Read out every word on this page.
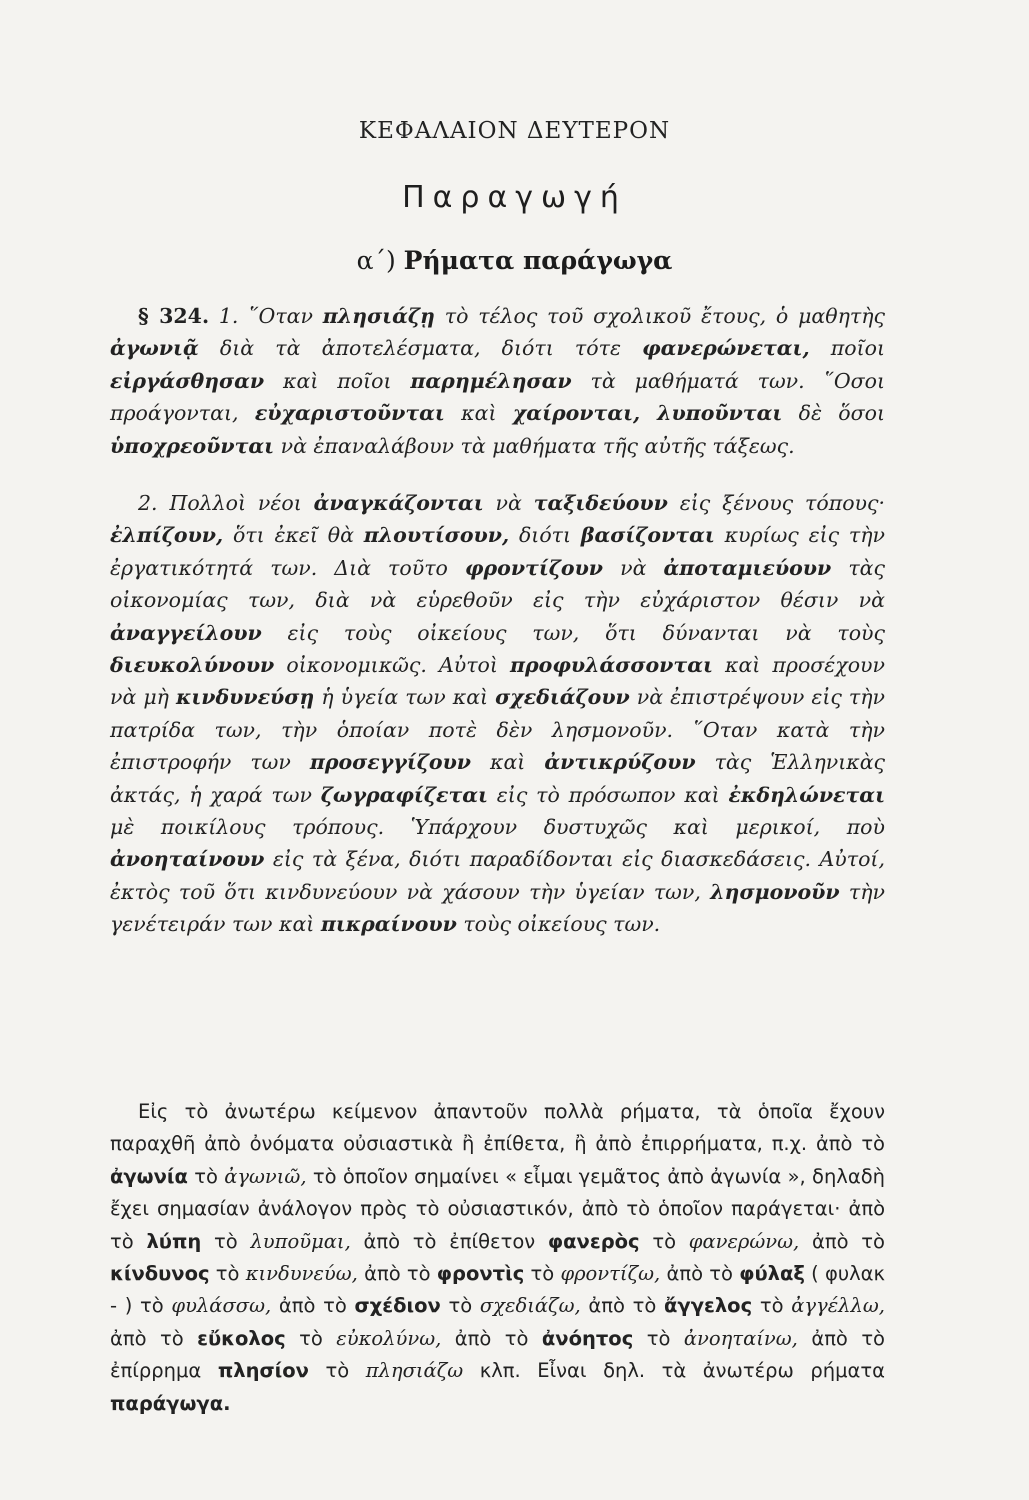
ΚΕΦΑΛΑΙΟΝ ΔΕΥΤΕΡΟΝ
Παραγωγή
α΄) Ρήματα παράγωγα
§ 324. 1. ῞Οταν πλησιάζῃ τὸ τέλος τοῦ σχολικοῦ ἔτους, ὁ μαθητὴς ἀγωνιᾷ διὰ τὰ ἀποτελέσματα, διότι τότε φανερώνεται, ποῖοι εἰργάσθησαν καὶ ποῖοι παρημέλησαν τὰ μαθήματά των. ῞Οσοι προάγονται, εὐχαριστοῦνται καὶ χαίρονται, λυποῦνται δὲ ὅσοι ὑποχρεοῦνται νὰ ἐπαναλάβουν τὰ μαθήματα τῆς αὐτῆς τάξεως.
2. Πολλοὶ νέοι ἀναγκάζονται νὰ ταξιδεύουν εἰς ξένους τόπους· ἐλπίζουν, ὅτι ἐκεῖ θὰ πλουτίσουν, διότι βασίζονται κυρίως εἰς τὴν ἐργατικότητά των. Διὰ τοῦτο φροντίζουν νὰ ἀποταμιεύουν τὰς οἰκονομίας των, διὰ νὰ εὑρεθοῦν εἰς τὴν εὐχάριστον θέσιν νὰ ἀναγγείλουν εἰς τοὺς οἰκείους των, ὅτι δύνανται νὰ τοὺς διευκολύνουν οἰκονομικῶς. Αὐτοὶ προφυλάσσονται καὶ προσέχουν νὰ μὴ κινδυνεύσῃ ἡ ὑγεία των καὶ σχεδιάζουν νὰ ἐπιστρέψουν εἰς τὴν πατρίδα των, τὴν ὁποίαν ποτὲ δὲν λησμονοῦν. ῞Οταν κατὰ τὴν ἐπιστροφήν των προσεγγίζουν καὶ ἀντικρύζουν τὰς Ἑλληνικὰς ἀκτάς, ἡ χαρά των ζωγραφίζεται εἰς τὸ πρόσωπον καὶ ἐκδηλώνεται μὲ ποικίλους τρόπους. Ὑπάρχουν δυστυχῶς καὶ μερικοί, ποὺ ἀνοηταίνουν εἰς τὰ ξένα, διότι παραδίδονται εἰς διασκεδάσεις. Αὐτοί, ἐκτὸς τοῦ ὅτι κινδυνεύουν νὰ χάσουν τὴν ὑγείαν των, λησμονοῦν τὴν γενέτειράν των καὶ πικραίνουν τοὺς οἰκείους των.
Εἰς τὸ ἀνωτέρω κείμενον ἀπαντοῦν πολλὰ ρήματα, τὰ ὁποῖα ἔχουν παραχθῆ ἀπὸ ὀνόματα οὐσιαστικὰ ἢ ἐπίθετα, ἢ ἀπὸ ἐπιρρήματα, π.χ. ἀπὸ τὸ ἀγωνία τὸ ἀγωνιῶ, τὸ ὁποῖον σημαίνει « εἶμαι γεμᾶτος ἀπὸ ἀγωνία », δηλαδὴ ἔχει σημασίαν ἀνάλογον πρὸς τὸ οὐσιαστικόν, ἀπὸ τὸ ὁποῖον παράγεται· ἀπὸ τὸ λύπη τὸ λυποῦμαι, ἀπὸ τὸ ἐπίθετον φανερὸς τὸ φανερώνω, ἀπὸ τὸ κίνδυνος τὸ κινδυνεύω, ἀπὸ τὸ φροντὶς τὸ φροντίζω, ἀπὸ τὸ φύλαξ ( φυλακ - ) τὸ φυλάσσω, ἀπὸ τὸ σχέδιον τὸ σχεδιάζω, ἀπὸ τὸ ἄγγελος τὸ ἀγγέλλω, ἀπὸ τὸ εὔκολος τὸ εὐκολύνω, ἀπὸ τὸ ἀνόητος τὸ ἀνοηταίνω, ἀπὸ τὸ ἐπίρρημα πλησίον τὸ πλησιάζω κλπ. Εἶναι δηλ. τὰ ἀνωτέρω ρήματα παράγωγα.
